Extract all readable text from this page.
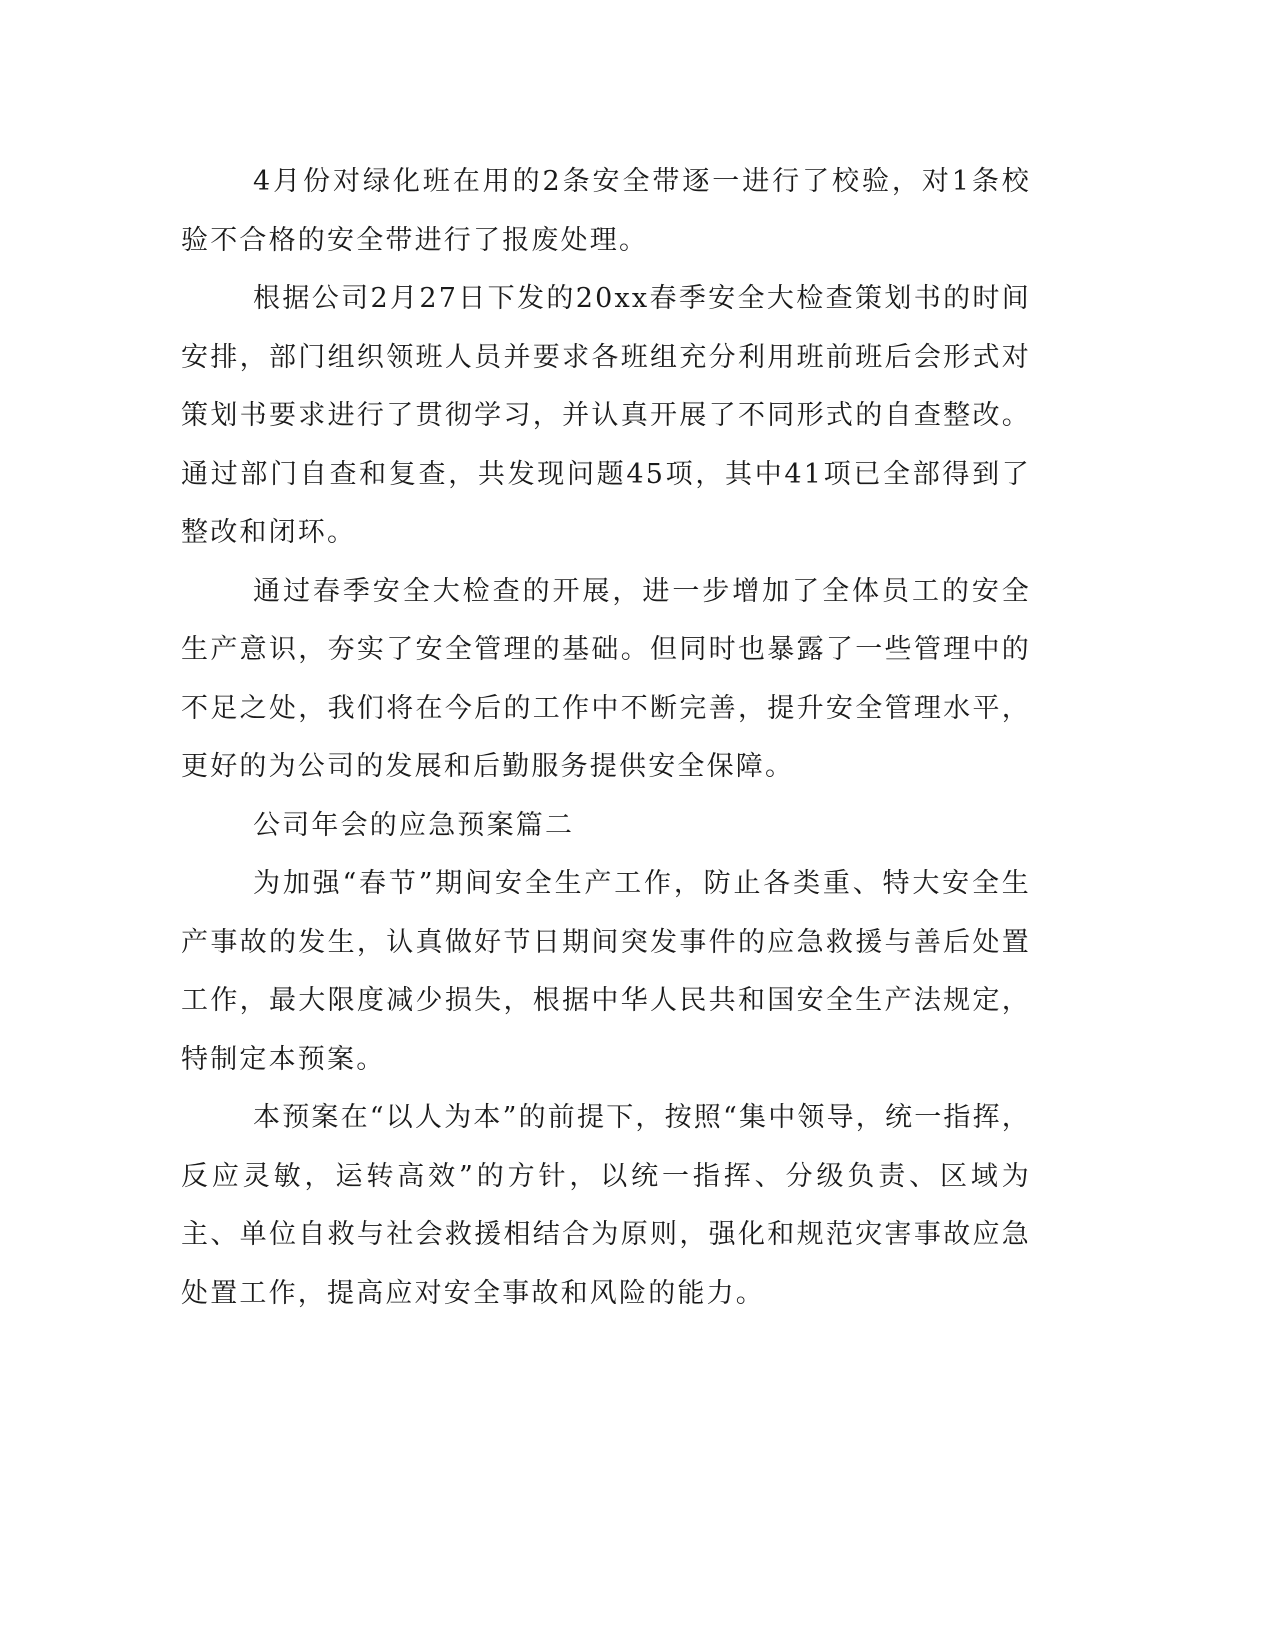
4月份对绿化班在用的2条安全带逐一进行了校验，对1条校验不合格的安全带进行了报废处理。

根据公司2月27日下发的20xx春季安全大检查策划书的时间安排，部门组织领班人员并要求各班组充分利用班前班后会形式对策划书要求进行了贯彻学习，并认真开展了不同形式的自查整改。通过部门自查和复查，共发现问题45项，其中41项已全部得到了整改和闭环。

通过春季安全大检查的开展，进一步增加了全体员工的安全生产意识，夯实了安全管理的基础。但同时也暴露了一些管理中的不足之处，我们将在今后的工作中不断完善，提升安全管理水平，更好的为公司的发展和后勤服务提供安全保障。

公司年会的应急预案篇二

为加强“春节”期间安全生产工作，防止各类重、特大安全生产事故的发生，认真做好节日期间突发事件的应急救援与善后处置工作，最大限度减少损失，根据中华人民共和国安全生产法规定，特制定本预案。

本预案在“以人为本”的前提下，按照“集中领导，统一指挥，反应灵敏，运转高效”的方针，以统一指挥、分级负责、区域为主、单位自救与社会救援相结合为原则，强化和规范灾害事故应急处置工作，提高应对安全事故和风险的能力。
